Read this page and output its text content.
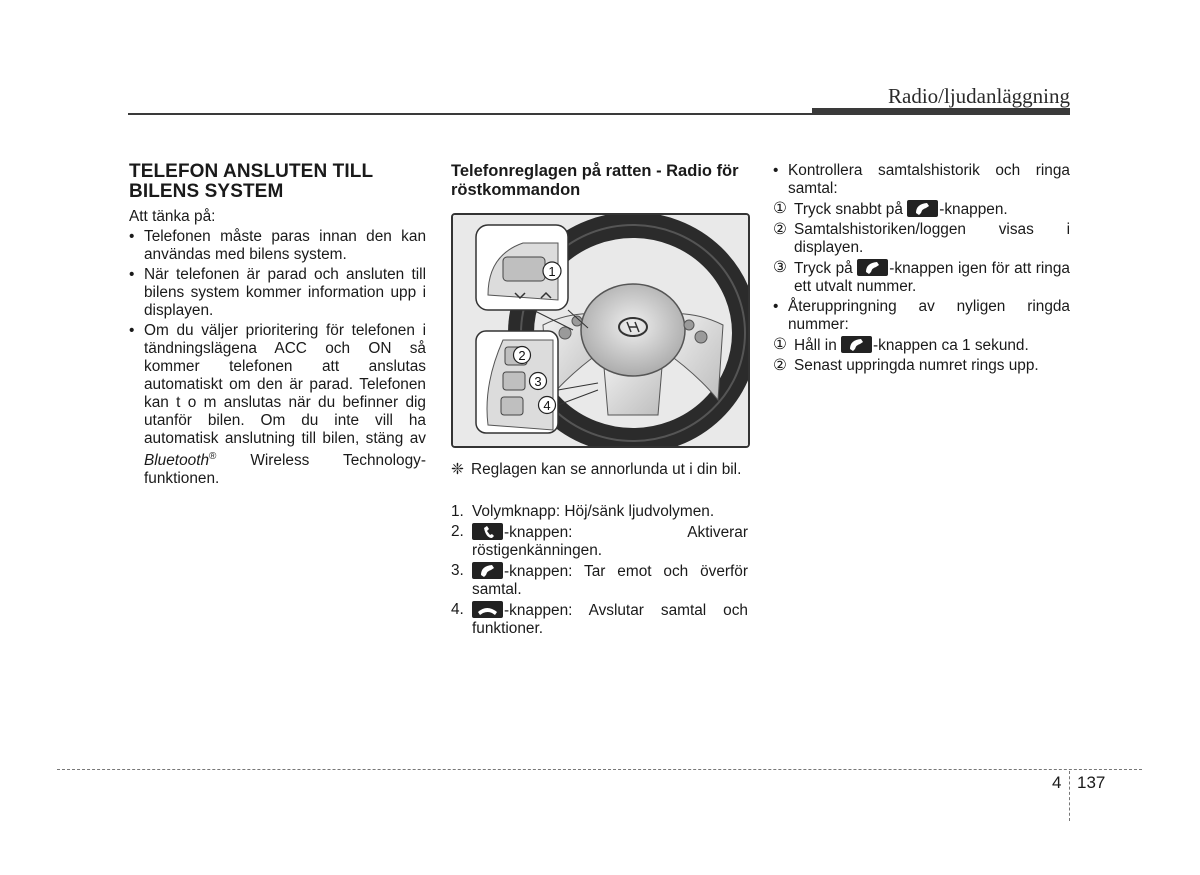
Radio/ljudanläggning
TELEFON ANSLUTEN TILL BILENS SYSTEM

Att tänka på:

• Telefonen måste paras innan den kan användas med bilens system.
• När telefonen är parad och ansluten till bilens system kommer information upp i displayen.
• Om du väljer prioritering för telefonen i tändningslägena ACC och ON så kommer telefonen att anslutas automatiskt om den är parad. Telefonen kan t o m anslutas när du befinner dig utanför bilen. Om du inte vill ha automatisk anslutning till bilen, stäng av Bluetooth® Wireless Technology-funktionen.
Telefonreglagen på ratten - Radio för röstkommandon
1
2
3
4
❈ Reglagen kan se annorlunda ut i din bil.
1. Volymknapp: Höj/sänk ljudvolymen.
2.	-knappen: Aktiverar röstigenkänningen.
3.	-knappen: Tar emot och överför samtal.
4.	-knappen: Avslutar samtal och funktioner.
• Kontrollera samtalshistorik och ringa samtal:
① Tryck snabbt på
-knappen.
② Samtalshistoriken/loggen visas i displayen.
③ Tryck på
-knappen igen för att ringa ett utvalt nummer.
• Återuppringning av nyligen ringda nummer:
① Håll in
-knappen ca 1 sekund.
② Senast uppringda numret rings upp.
4 137
